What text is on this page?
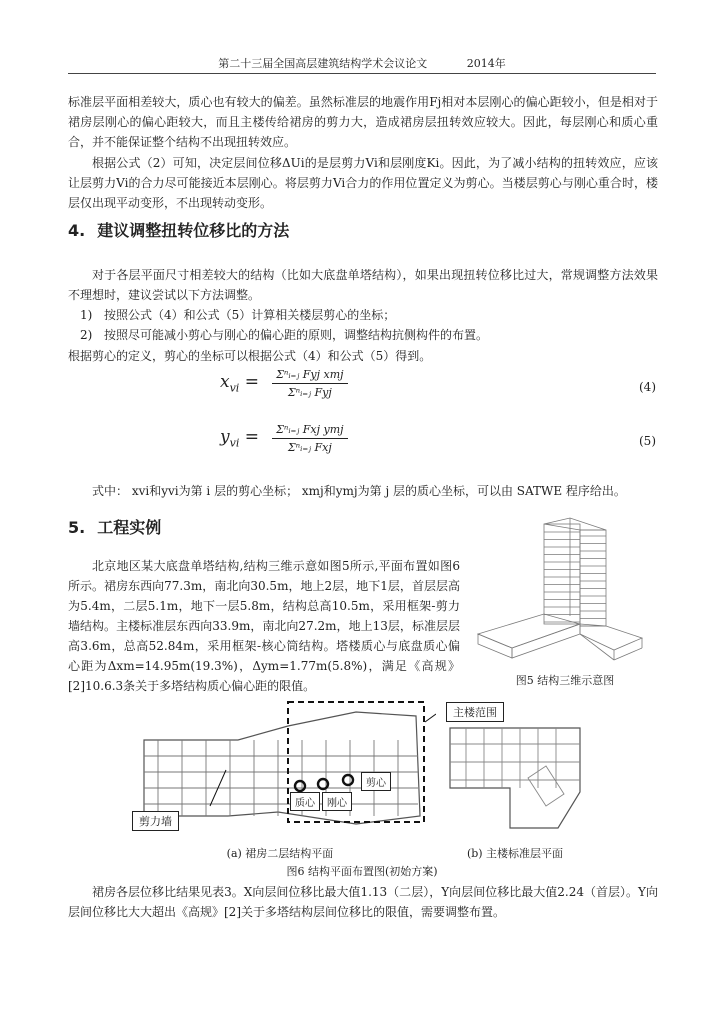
第二十三届全国高层建筑结构学术会议论文	2014年

标准层平面相差较大，质心也有较大的偏差。虽然标准层的地震作用Fj相对本层刚心的偏心距较小，但是相对于裙房层刚心的偏心距较大，而且主楼传给裙房的剪力大，造成裙房层扭转效应较大。因此，每层刚心和质心重合，并不能保证整个结构不出现扭转效应。

根据公式（2）可知，决定层间位移ΔUi的是层剪力Vi和层刚度Ki。因此，为了减小结构的扭转效应，应该让层剪力Vi的合力尽可能接近本层刚心。将层剪力Vi合力的作用位置定义为剪心。当楼层剪心与刚心重合时，楼层仅出现平动变形，不出现转动变形。

4. 建议调整扭转位移比的方法

对于各层平面尺寸相差较大的结构（比如大底盘单塔结构），如果出现扭转位移比过大，常规调整方法效果不理想时，建议尝试以下方法调整。

1) 按照公式（4）和公式（5）计算相关楼层剪心的坐标；
2) 按照尽可能减小剪心与刚心的偏心距的原则，调整结构抗侧构件的布置。

根据剪心的定义，剪心的坐标可以根据公式（4）和公式（5）得到。

$x_{vi} = \frac{\text{Σⁿᵢ₌ⱼ Fyj xmj}}{\text{Σⁿᵢ₌ⱼ Fyj}}$	(4)
$y_{vi} = \frac{\text{Σⁿᵢ₌ⱼ Fxj ymj}}{\text{Σⁿᵢ₌ⱼ Fxj}}$	(5)

式中： xvi和yvi为第 i 层的剪心坐标； xmj和ymj为第 j 层的质心坐标，可以由 SATWE 程序给出。

5. 工程实例

北京地区某大底盘单塔结构,结构三维示意如图5所示,平面布置如图6所示。裙房东西向77.3m，南北向30.5m，地上2层，地下1层，首层层高为5.4m，二层5.1m，地下一层5.8m，结构总高10.5m，采用框架-剪力墙结构。主楼标准层东西向33.9m，南北向27.2m，地上13层，标准层层高3.6m，总高52.84m，采用框架-核心筒结构。塔楼质心与底盘质心偏心距为Δxm=14.95m(19.3%)，Δym=1.77m(5.8%)，满足《高规》[2]10.6.3条关于多塔结构质心偏心距的限值。	图5 结构三维示意图
主楼范围
剪力墙
质心	刚心
剪心
(a) 裙房二层结构平面	(b) 主楼标准层平面
图6 结构平面布置图(初始方案)

裙房各层位移比结果见表3。X向层间位移比最大值1.13（二层），Y向层间位移比最大值2.24（首层）。Y向层间位移比大大超出《高规》[2]关于多塔结构层间位移比的限值，需要调整布置。
